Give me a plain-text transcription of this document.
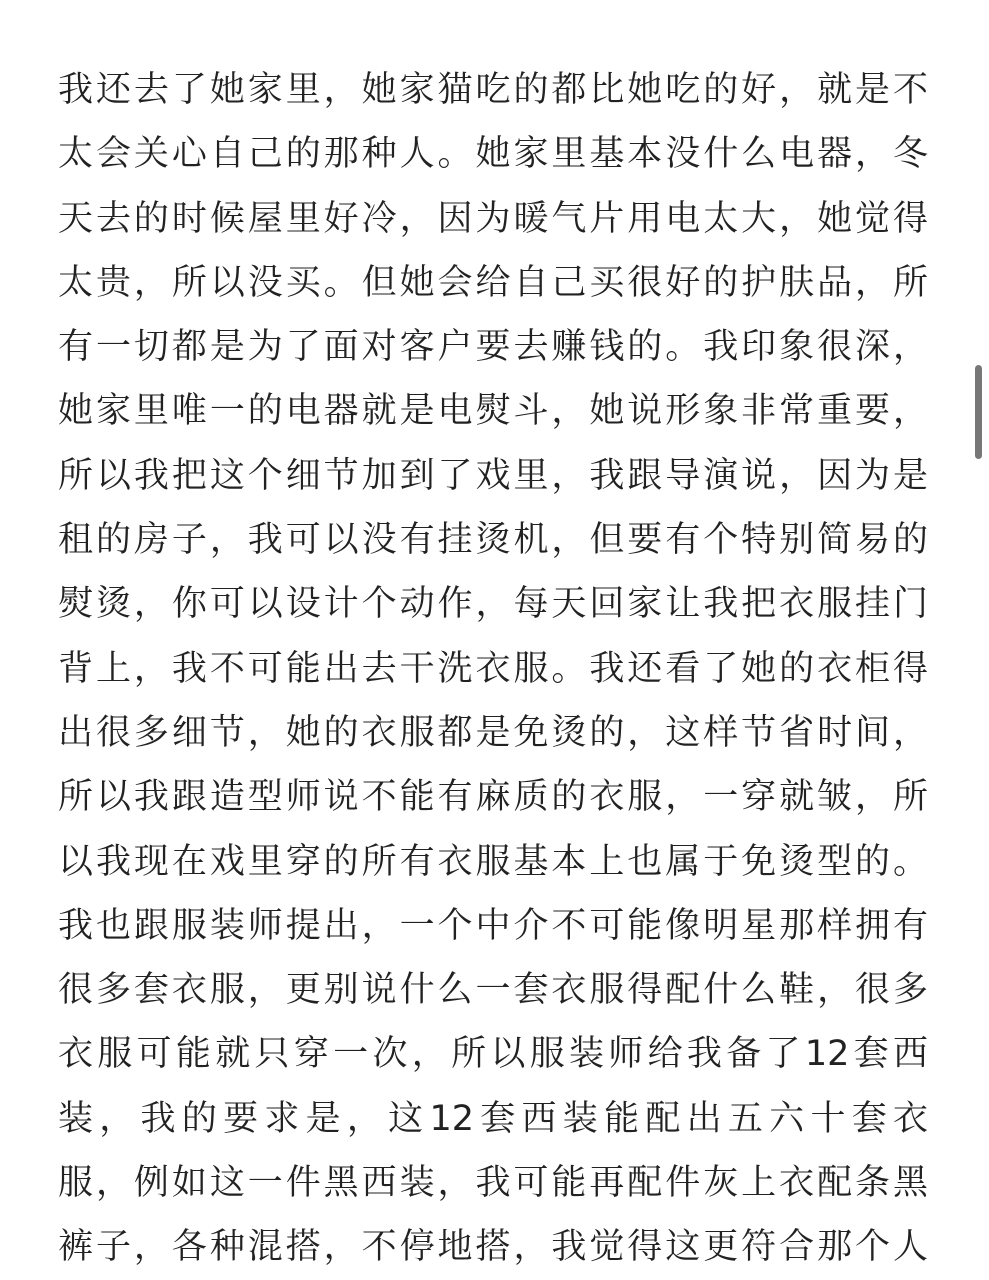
我还去了她家里，她家猫吃的都比她吃的好，就是不
太会关心自己的那种人。她家里基本没什么电器，冬
天去的时候屋里好冷，因为暖气片用电太大，她觉得
太贵，所以没买。但她会给自己买很好的护肤品，所
有一切都是为了面对客户要去赚钱的。我印象很深，
她家里唯一的电器就是电熨斗，她说形象非常重要，
所以我把这个细节加到了戏里，我跟导演说，因为是
租的房子，我可以没有挂烫机，但要有个特别简易的
熨烫，你可以设计个动作，每天回家让我把衣服挂门
背上，我不可能出去干洗衣服。我还看了她的衣柜得
出很多细节，她的衣服都是免烫的，这样节省时间，
所以我跟造型师说不能有麻质的衣服，一穿就皱，所
以我现在戏里穿的所有衣服基本上也属于免烫型的。
我也跟服装师提出，一个中介不可能像明星那样拥有
很多套衣服，更别说什么一套衣服得配什么鞋，很多
衣服可能就只穿一次，所以服装师给我备了12套西
装，我的要求是，这12套西装能配出五六十套衣
服，例如这一件黑西装，我可能再配件灰上衣配条黑
裤子，各种混搭，不停地搭，我觉得这更符合那个人
